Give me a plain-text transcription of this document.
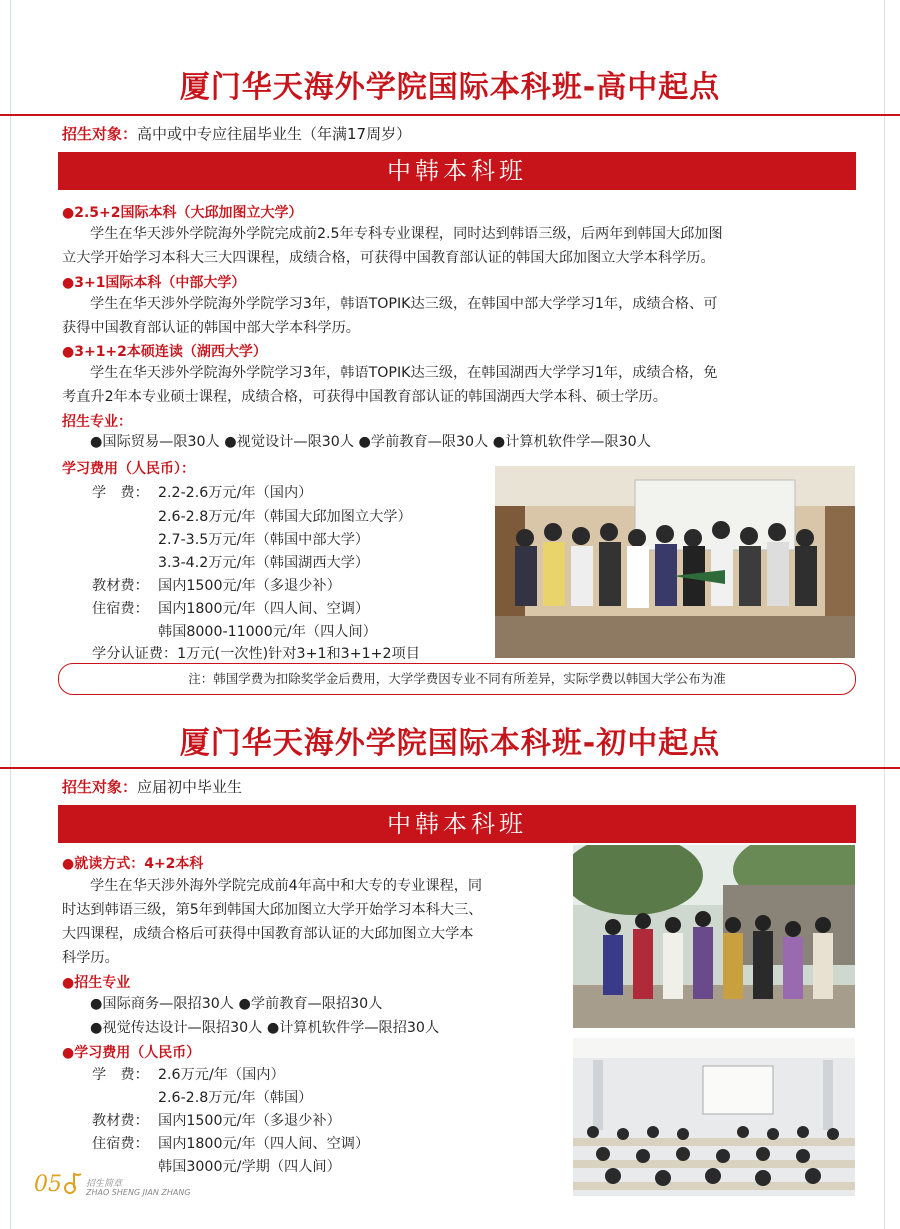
厦门华天海外学院国际本科班-高中起点
招生对象：高中或中专应往届毕业生（年满17周岁）
中韩本科班
●2.5+2国际本科（大邱加图立大学）
学生在华天涉外学院海外学院完成前2.5年专科专业课程，同时达到韩语三级，后两年到韩国大邱加图
立大学开始学习本科大三大四课程，成绩合格，可获得中国教育部认证的韩国大邱加图立大学本科学历。
●3+1国际本科（中部大学）
学生在华天涉外学院海外学院学习3年，韩语TOPIK达三级，在韩国中部大学学习1年，成绩合格、可
获得中国教育部认证的韩国中部大学本科学历。
●3+1+2本硕连读（湖西大学）
学生在华天涉外学院海外学院学习3年，韩语TOPIK达三级，在韩国湖西大学学习1年，成绩合格，免
考直升2年本专业硕士课程，成绩合格，可获得中国教育部认证的韩国湖西大学本科、硕士学历。
招生专业：
●国际贸易—限30人 ●视觉设计—限30人 ●学前教育—限30人 ●计算机软件学—限30人
学习费用（人民币）：
学　费： 2.2-2.6万元/年（国内）
2.6-2.8万元/年（韩国大邱加图立大学）
2.7-3.5万元/年（韩国中部大学）
3.3-4.2万元/年（韩国湖西大学）
教材费： 国内1500元/年（多退少补）
住宿费： 国内1800元/年（四人间、空调）
韩国8000-11000元/年（四人间）
学分认证费：1万元(一次性)针对3+1和3+1+2项目
注：韩国学费为扣除奖学金后费用，大学学费因专业不同有所差异，实际学费以韩国大学公布为准
厦门华天海外学院国际本科班-初中起点
招生对象：应届初中毕业生
中韩本科班
●就读方式：4+2本科
学生在华天涉外海外学院完成前4年高中和大专的专业课程，同
时达到韩语三级，第5年到韩国大邱加图立大学开始学习本科大三、
大四课程，成绩合格后可获得中国教育部认证的大邱加图立大学本
科学历。
●招生专业
●国际商务—限招30人 ●学前教育—限招30人
●视觉传达设计—限招30人 ●计算机软件学—限招30人
●学习费用（人民币）
学　费： 2.6万元/年（国内）
2.6-2.8万元/年（韩国）
教材费： 国内1500元/年（多退少补）
住宿费： 国内1800元/年（四人间、空调）
韩国3000元/学期（四人间）
05	招生简章
ZHAO SHENG JIAN ZHANG
